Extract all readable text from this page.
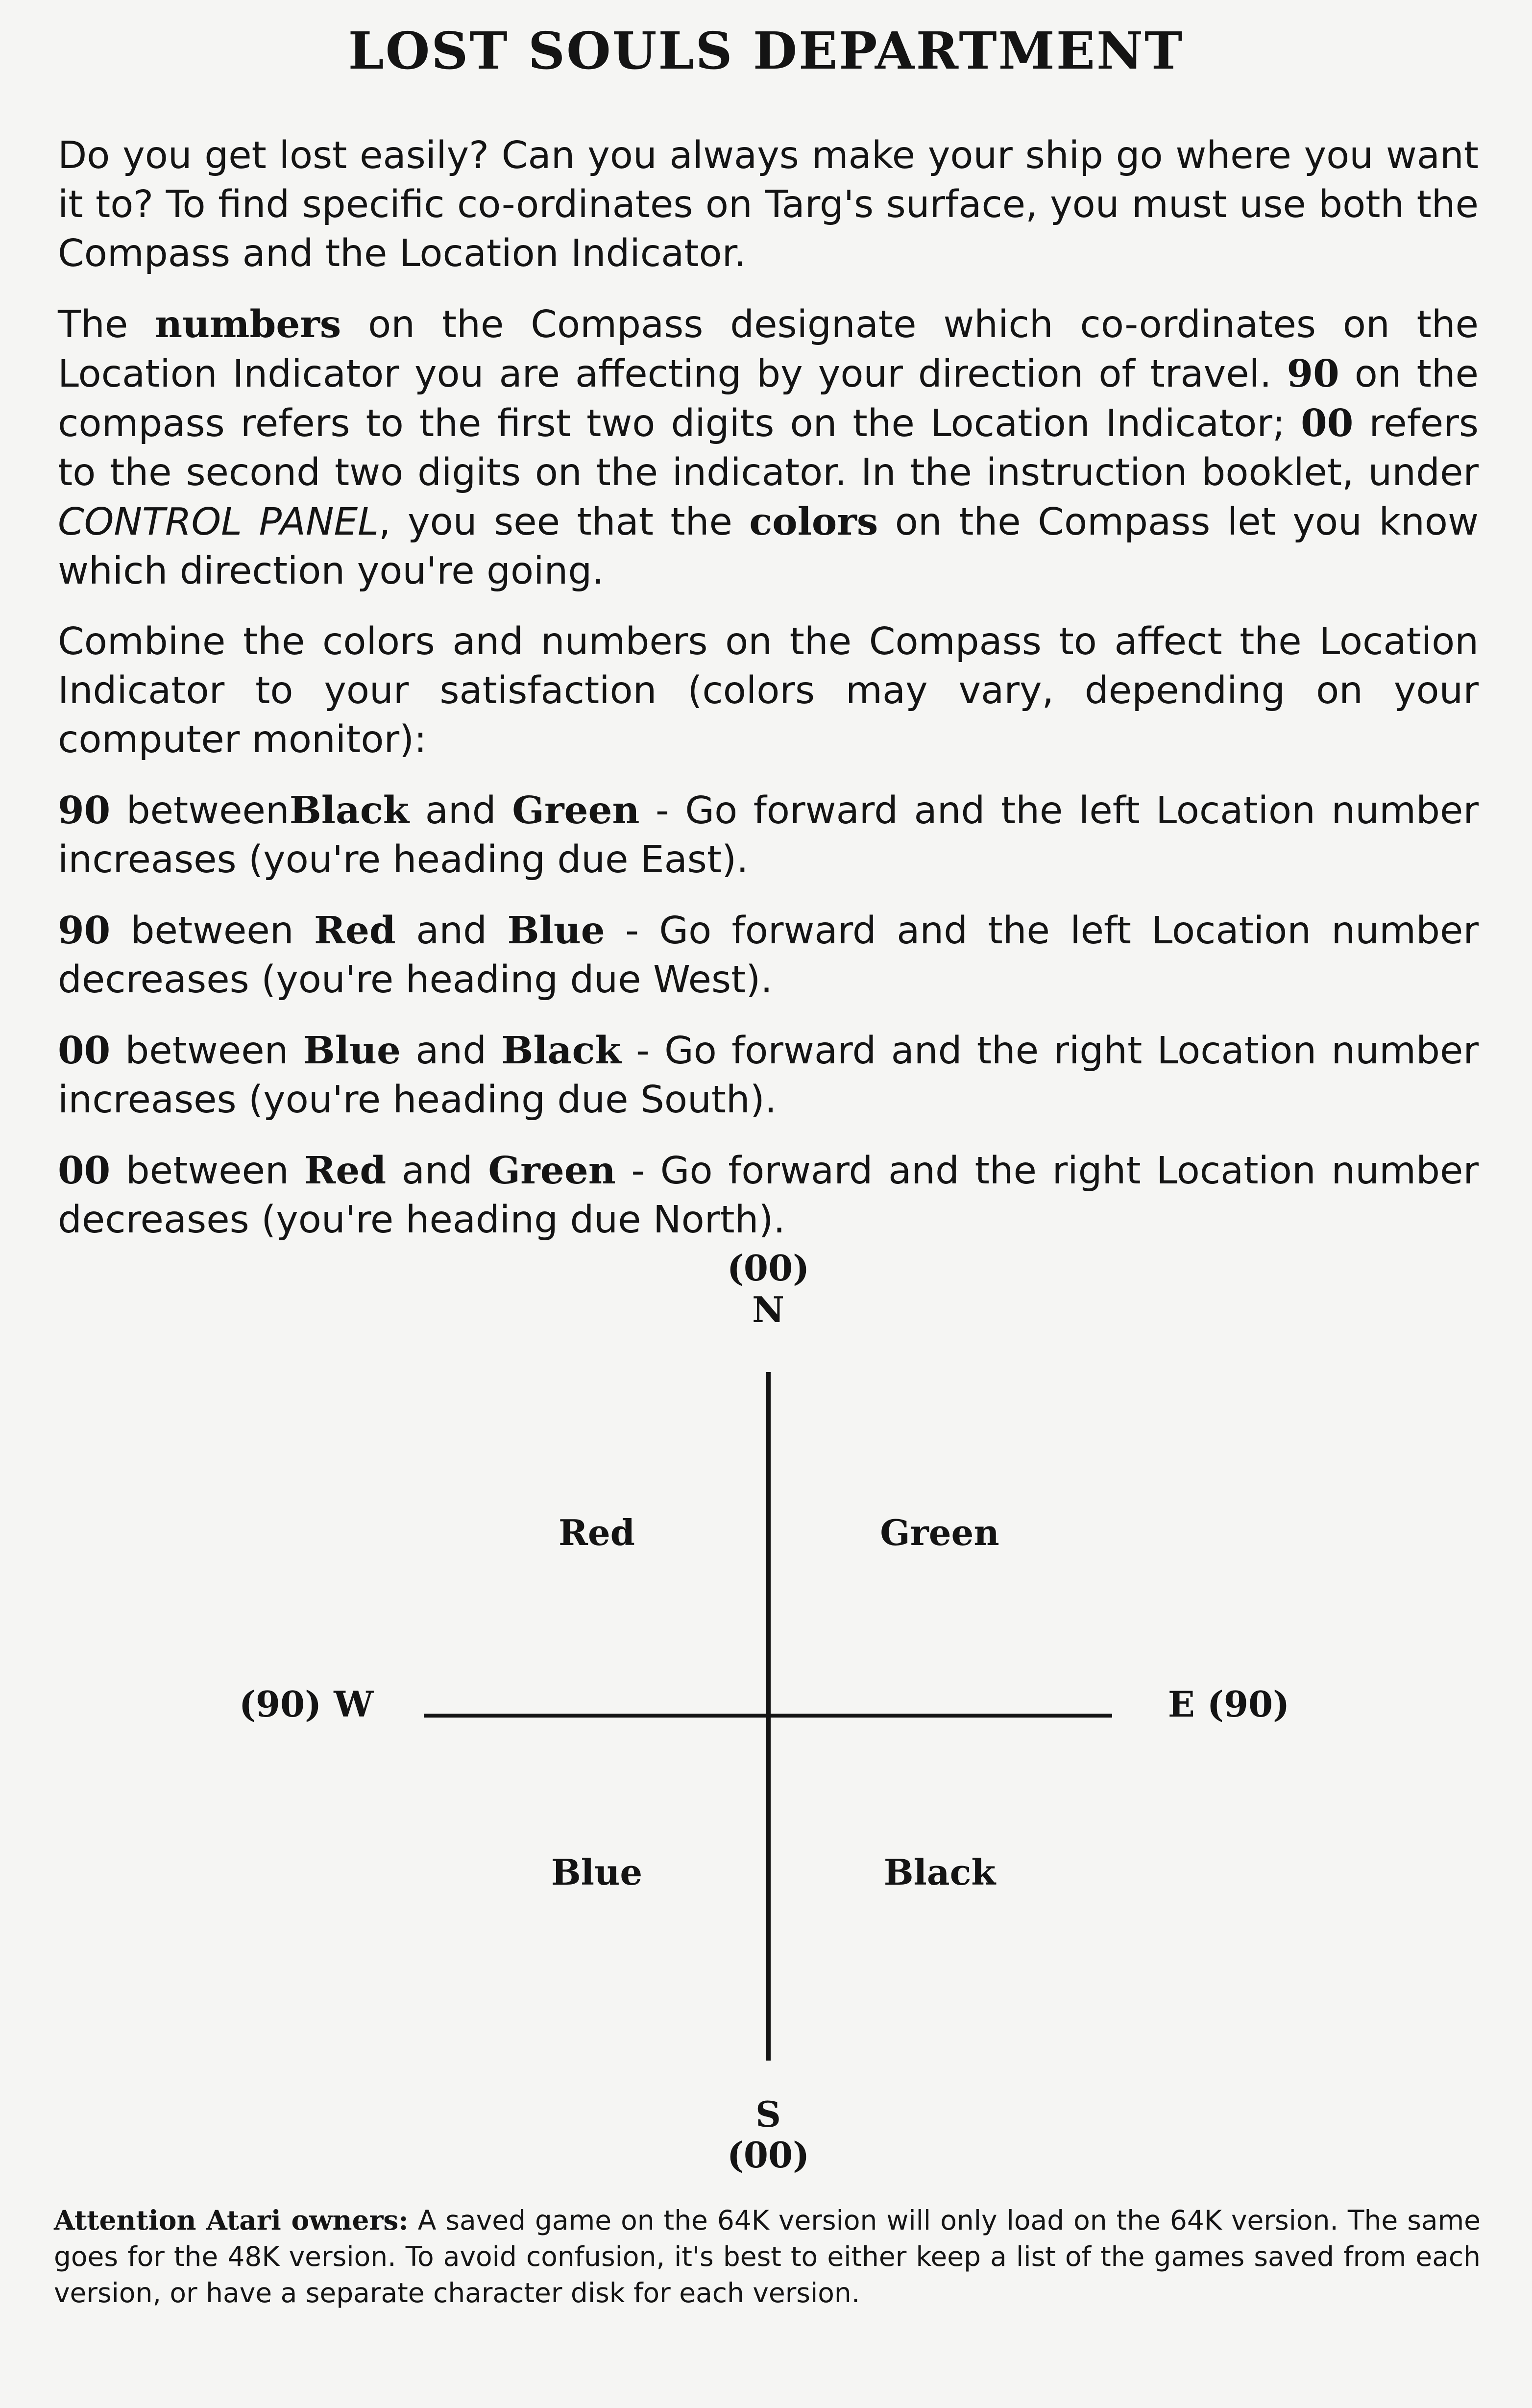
LOST SOULS DEPARTMENT

Do you get lost easily? Can you always make your ship go where you want it to? To find specific co-ordinates on Targ's surface, you must use both the Compass and the Location Indicator.

The numbers on the Compass designate which co-ordinates on the Location Indicator you are affecting by your direction of travel. 90 on the compass refers to the first two digits on the Location Indicator; 00 refers to the second two digits on the indicator. In the instruction booklet, under CONTROL PANEL, you see that the colors on the Compass let you know which direction you're going.

Combine the colors and numbers on the Compass to affect the Location Indicator to your satisfaction (colors may vary, depending on your computer monitor):

90 betweenBlack and Green - Go forward and the left Location number increases (you're heading due East).

90 between Red and Blue - Go forward and the left Location number decreases (you're heading due West).

00 between Blue and Black - Go forward and the right Location number increases (you're heading due South).

00 between Red and Green - Go forward and the right Location number decreases (you're heading due North).

(00)
N
Red	Green
(90) W	E (90)
Blue	Black
S
(00)
Attention Atari owners: A saved game on the 64K version will only load on the 64K version. The same goes for the 48K version. To avoid confusion, it's best to either keep a list of the games saved from each version, or have a separate character disk for each version.
